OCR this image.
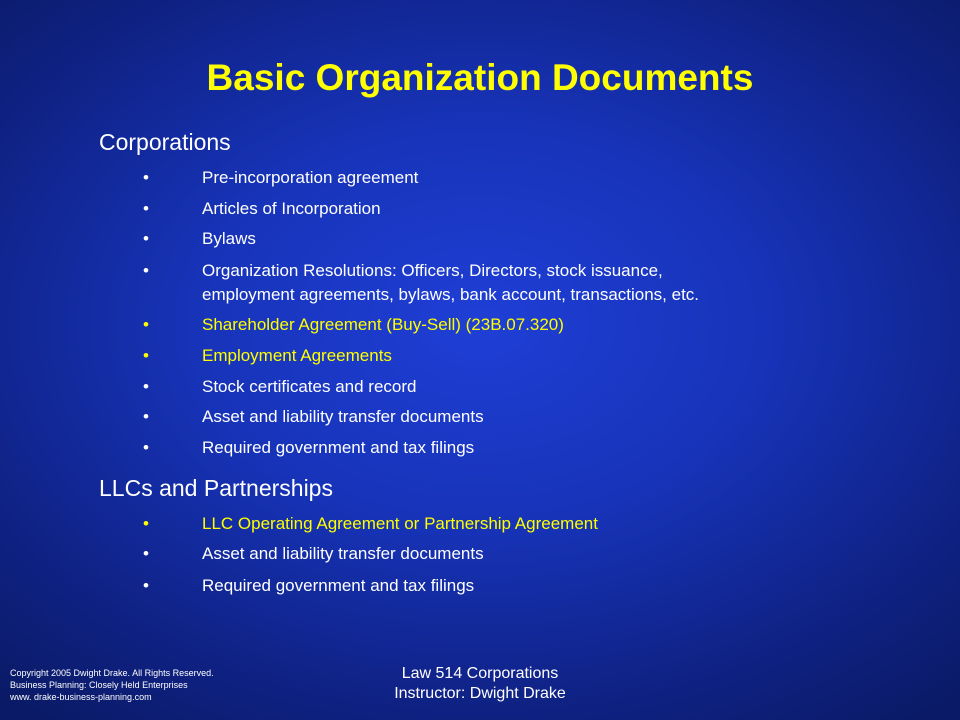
Basic Organization Documents
Corporations
•	Pre-incorporation agreement
•	Articles of Incorporation
•	Bylaws
•	Organization Resolutions: Officers, Directors, stock issuance,
employment agreements, bylaws, bank account, transactions, etc.
•	Shareholder Agreement (Buy-Sell) (23B.07.320)
•	Employment Agreements
•	Stock certificates and record
•	Asset and liability transfer documents
•	Required government and tax filings
LLCs and Partnerships
•	LLC Operating Agreement or Partnership Agreement
•	Asset and liability transfer documents
•	Required government and tax filings
Copyright 2005 Dwight Drake. All Rights Reserved.
Business Planning: Closely Held Enterprises
www. drake-business-planning.com
Law 514 Corporations
Instructor: Dwight Drake
